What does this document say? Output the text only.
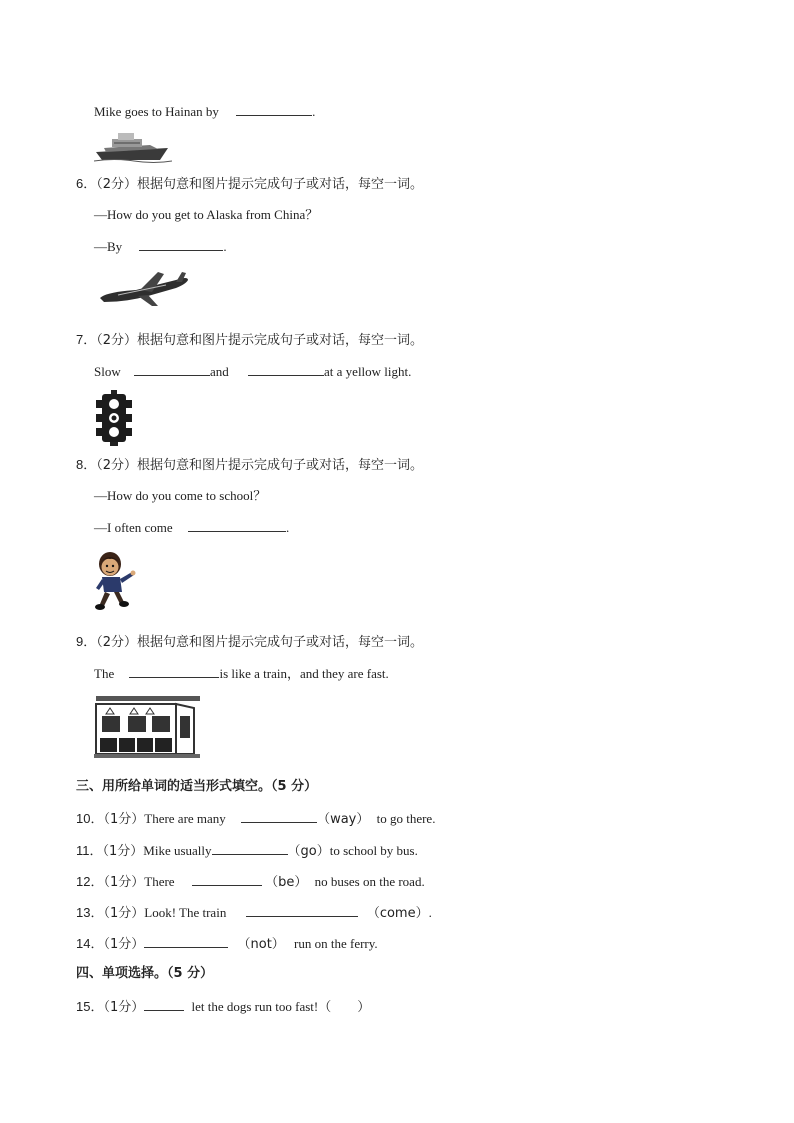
Mike goes to Hainan by	.
6．（2分）根据句意和图片提示完成句子或对话，每空一词。
—How do you get to Alaska from China？
—By	.
7．（2分）根据句意和图片提示完成句子或对话，每空一词。
Slow	and	at a yellow light.
8．（2分）根据句意和图片提示完成句子或对话，每空一词。
—How do you come to school？
—I often come	.
9．（2分）根据句意和图片提示完成句子或对话，每空一词。
The	is like a train，and they are fast.
三、用所给单词的适当形式填空。（5 分）
10．（1分）There are many	（way） to go there.
11．（1分）Mike usually	（go）to school by bus.
12．（1分）There	（be） no buses on the road.
13．（1分）Look! The train	（come）.
14．（1分）	（not） run on the ferry.
四、单项选择。（5 分）
15．（1分）	let the dogs run too fast!（　　）
